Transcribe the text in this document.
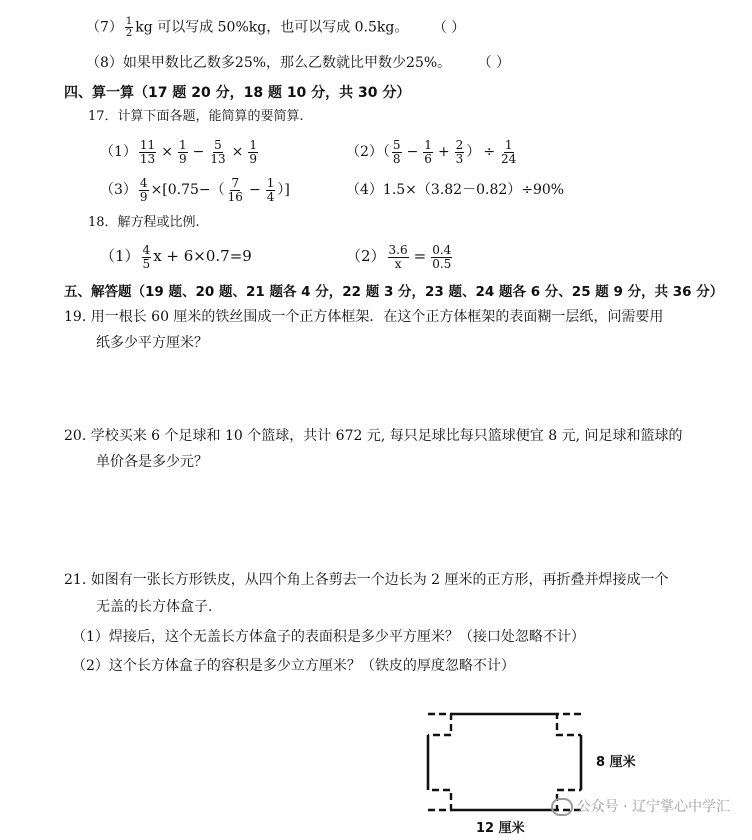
$(7) \frac{1}{2}$ kg 可以写成 50%kg，也可以写成 0.5kg。 （ ）
（8）如果甲数比乙数多25%，那么乙数就比甲数少25%。 （ ）
四、算一算（17 题 20 分，18 题 10 分，共 30 分）
17．计算下面各题，能简算的要简算.
$(1) \frac{11}{13} \times \frac{1}{9} - \frac{5}{13} \times \frac{1}{9}$	$(2)( \frac{5}{8} - \frac{1}{6} + \frac{2}{3}$ ） ÷ $\frac{1}{24}$
$(3) \frac{4}{9} \times[0.75-( \frac{7}{16} - \frac{1}{4}$ ）]	（4）1.5×（3.82－0.82）÷90%
18．解方程或比例.
$(1) \frac{4}{5}$ x + 6×0.7=9	$(2) \frac{3.6}{x} = \frac{0.4}{0.5}$
五、解答题（19 题、20 题、21 题各 4 分，22 题 3 分，23 题、24 题各 6 分、25 题 9 分，共 36 分）
19. 用一根长 60 厘米的铁丝围成一个正方体框架．在这个正方体框架的表面糊一层纸，问需要用
纸多少平方厘米？
20. 学校买来 6 个足球和 10 个篮球，共计 672 元, 每只足球比每只篮球便宜 8 元, 问足球和篮球的
单价各是多少元？
21. 如图有一张长方形铁皮，从四个角上各剪去一个边长为 2 厘米的正方形，再折叠并焊接成一个
无盖的长方体盒子.
（1）焊接后，这个无盖长方体盒子的表面积是多少平方厘米？（接口处忽略不计）
（2）这个长方体盒子的容积是多少立方厘米？（铁皮的厚度忽略不计）
8 厘米
12 厘米
公众号 · 辽宁掌心中学汇
